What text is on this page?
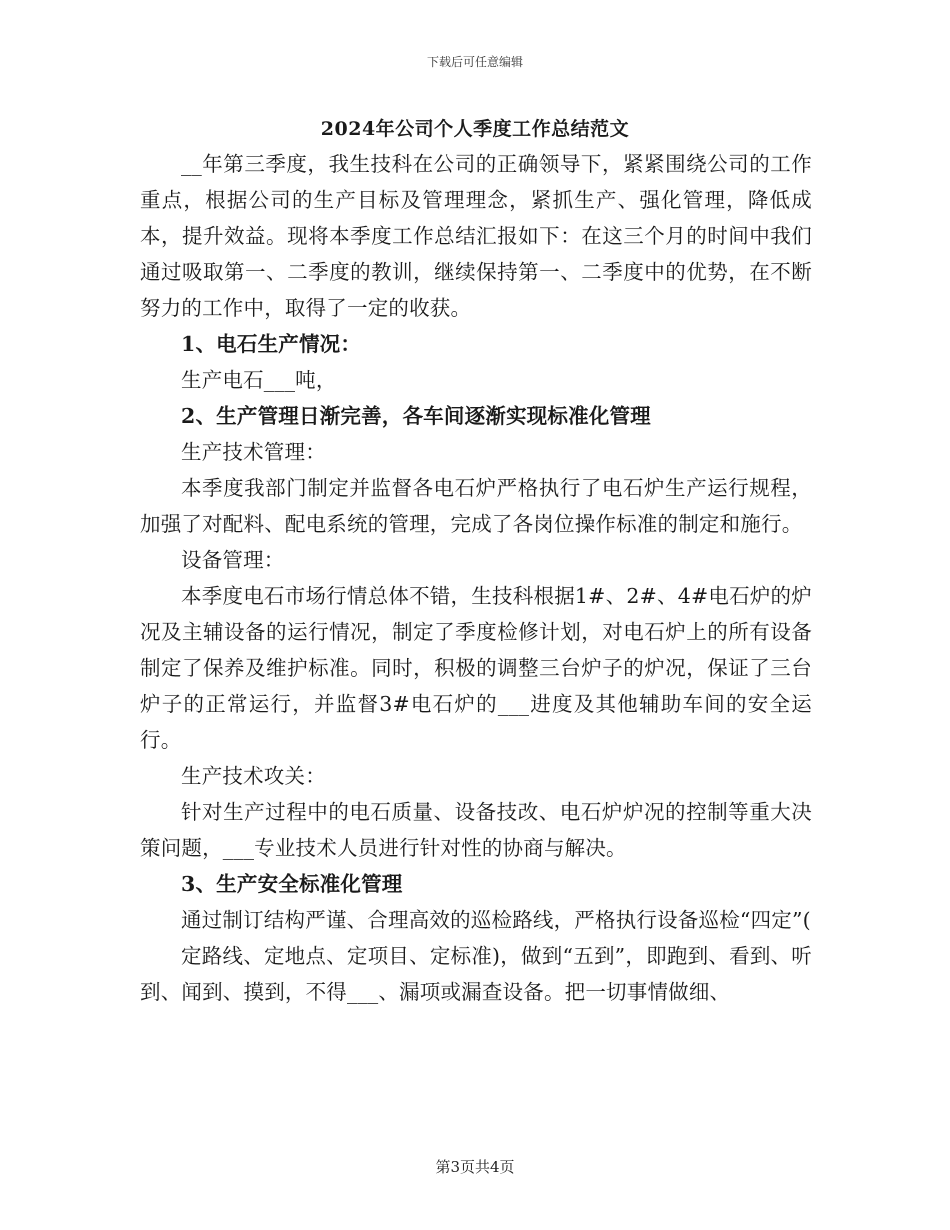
下载后可任意编辑
2024年公司个人季度工作总结范文

__年第三季度，我生技科在公司的正确领导下，紧紧围绕公司的工作重点，根据公司的生产目标及管理理念，紧抓生产、强化管理，降低成本，提升效益。现将本季度工作总结汇报如下：在这三个月的时间中我们通过吸取第一、二季度的教训，继续保持第一、二季度中的优势，在不断努力的工作中，取得了一定的收获。

1、电石生产情况：

生产电石___吨，

2、生产管理日渐完善，各车间逐渐实现标准化管理

生产技术管理：

本季度我部门制定并监督各电石炉严格执行了电石炉生产运行规程，加强了对配料、配电系统的管理，完成了各岗位操作标准的制定和施行。

设备管理：

本季度电石市场行情总体不错，生技科根据1#、2#、4#电石炉的炉况及主辅设备的运行情况，制定了季度检修计划，对电石炉上的所有设备制定了保养及维护标准。同时，积极的调整三台炉子的炉况，保证了三台炉子的正常运行，并监督3#电石炉的___进度及其他辅助车间的安全运行。

生产技术攻关：

针对生产过程中的电石质量、设备技改、电石炉炉况的控制等重大决策问题，___专业技术人员进行针对性的协商与解决。

3、生产安全标准化管理

通过制订结构严谨、合理高效的巡检路线，严格执行设备巡检“四定”(

定路线、定地点、定项目、定标准)，做到“五到”，即跑到、看到、听到、闻到、摸到，不得___、漏项或漏查设备。把一切事情做细、

第3页共4页
